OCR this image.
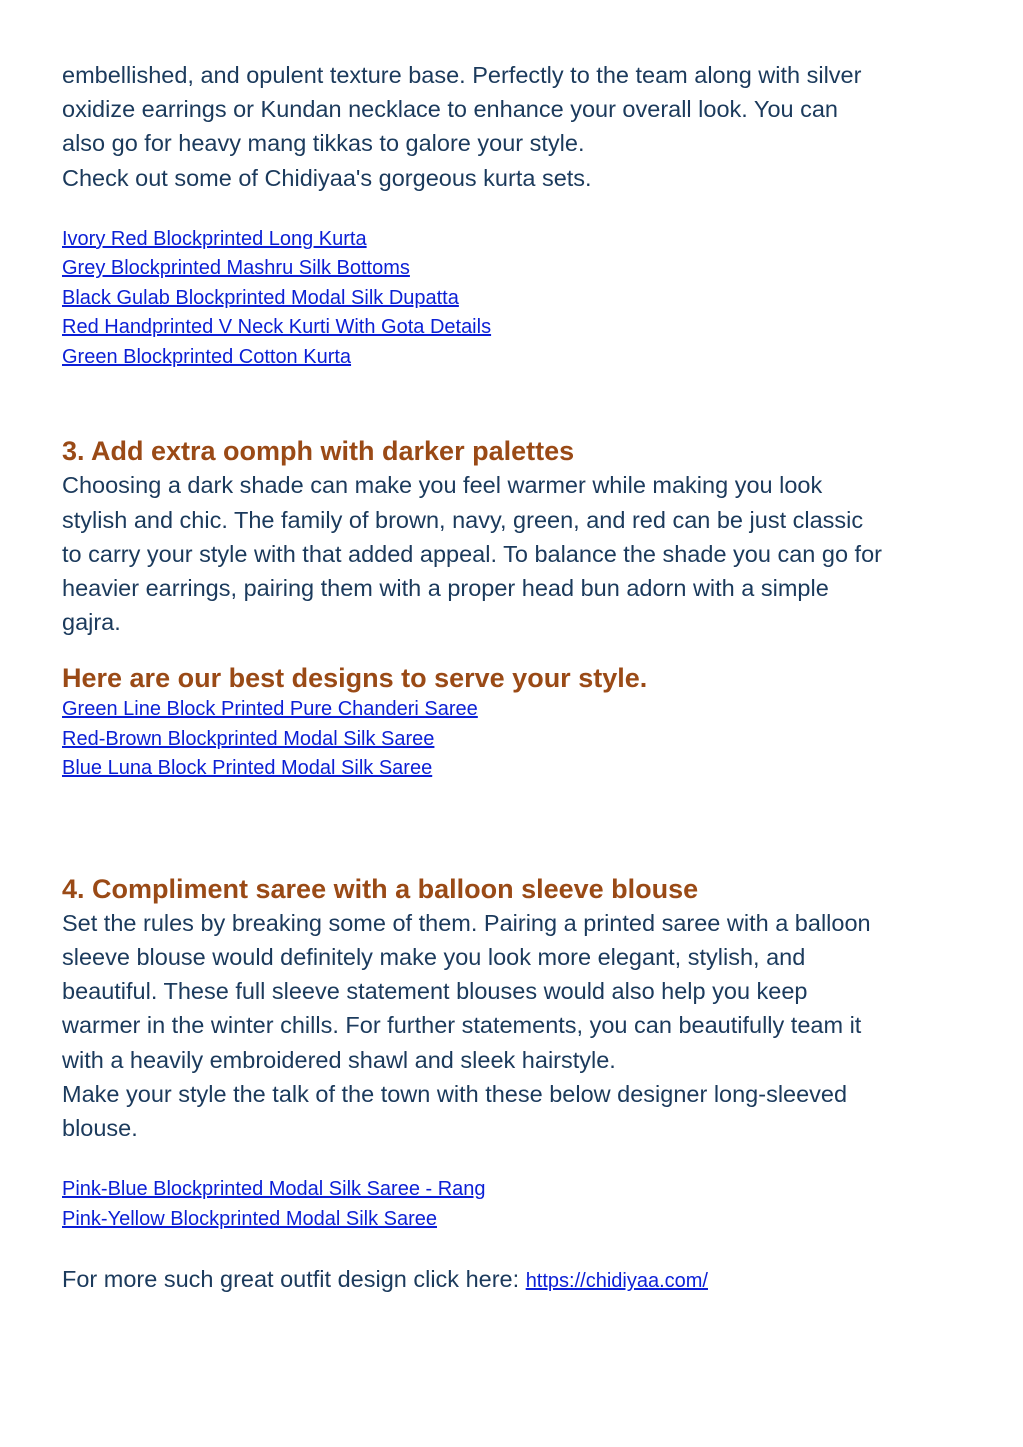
embellished, and opulent texture base. Perfectly to the team along with silver
oxidize earrings or Kundan necklace to enhance your overall look. You can
also go for heavy mang tikkas to galore your style.
Check out some of Chidiyaa's gorgeous kurta sets.

Ivory Red Blockprinted Long Kurta
Grey Blockprinted Mashru Silk Bottoms
Black Gulab Blockprinted Modal Silk Dupatta
Red Handprinted V Neck Kurti With Gota Details
Green Blockprinted Cotton Kurta
3. Add extra oomph with darker palettes

Choosing a dark shade can make you feel warmer while making you look
stylish and chic. The family of brown, navy, green, and red can be just classic
to carry your style with that added appeal. To balance the shade you can go for
heavier earrings, pairing them with a proper head bun adorn with a simple
gajra.

Here are our best designs to serve your style.
Green Line Block Printed Pure Chanderi Saree
Red-Brown Blockprinted Modal Silk Saree
Blue Luna Block Printed Modal Silk Saree
4. Compliment saree with a balloon sleeve blouse

Set the rules by breaking some of them. Pairing a printed saree with a balloon
sleeve blouse would definitely make you look more elegant, stylish, and
beautiful. These full sleeve statement blouses would also help you keep
warmer in the winter chills. For further statements, you can beautifully team it
with a heavily embroidered shawl and sleek hairstyle.
Make your style the talk of the town with these below designer long-sleeved
blouse.

Pink-Blue Blockprinted Modal Silk Saree - Rang
Pink-Yellow Blockprinted Modal Silk Saree

For more such great outfit design click here: https://chidiyaa.com/
